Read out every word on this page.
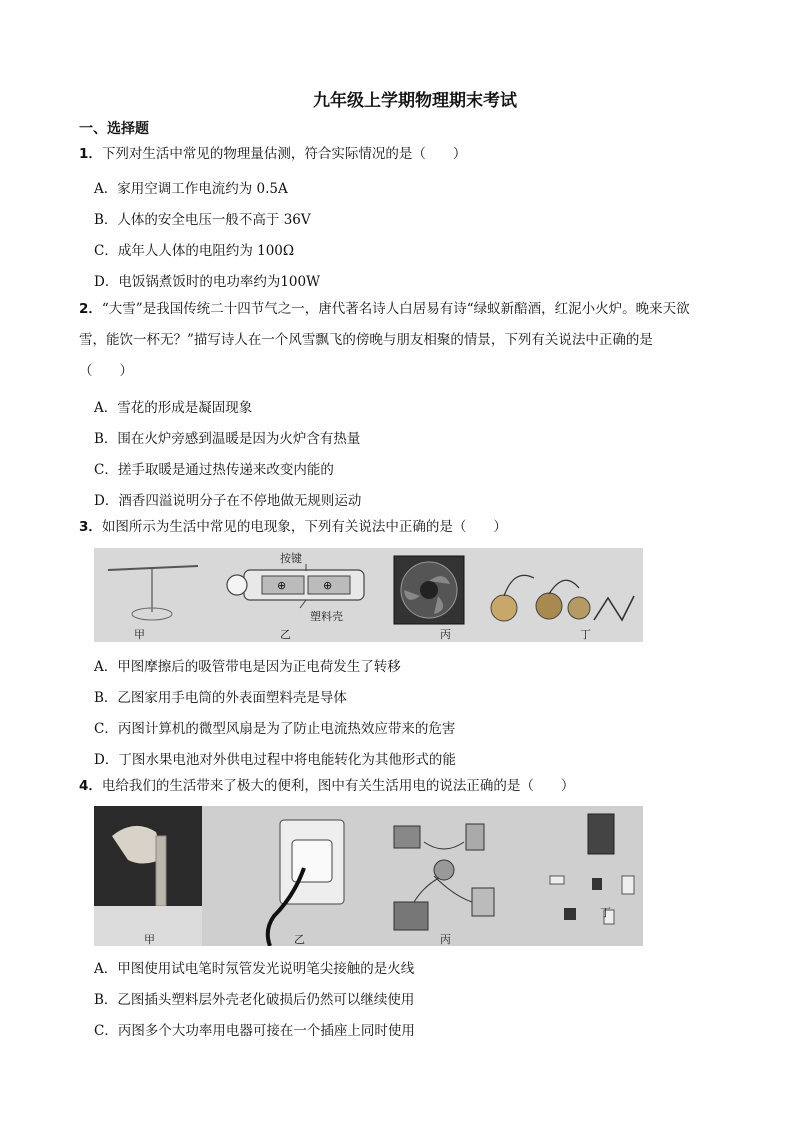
九年级上学期物理期末考试
一、选择题
1．下列对生活中常见的物理量估测，符合实际情况的是（　　）
A．家用空调工作电流约为 0.5A
B．人体的安全电压一般不高于 36V
C．成年人人体的电阻约为 100Ω
D．电饭锅煮饭时的电功率约为100W
2．“大雪”是我国传统二十四节气之一，唐代著名诗人白居易有诗“绿蚁新醅酒，红泥小火炉。晚来天欲
雪，能饮一杯无？”描写诗人在一个风雪飘飞的傍晚与朋友相聚的情景，下列有关说法中正确的是
（　　）
A．雪花的形成是凝固现象
B．围在火炉旁感到温暖是因为火炉含有热量
C．搓手取暖是通过热传递来改变内能的
D．酒香四溢说明分子在不停地做无规则运动
3．如图所示为生活中常见的电现象，下列有关说法中正确的是（　　）
⊕	⊕
按键
塑料壳
甲	乙	丙	丁
A．甲图摩擦后的吸管带电是因为正电荷发生了转移
B．乙图家用手电筒的外表面塑料壳是导体
C．丙图计算机的微型风扇是为了防止电流热效应带来的危害
D．丁图水果电池对外供电过程中将电能转化为其他形式的能
4．电给我们的生活带来了极大的便利，图中有关生活用电的说法正确的是（　　）
甲	乙	丙
丁
A．甲图使用试电笔时氖管发光说明笔尖接触的是火线
B．乙图插头塑料层外壳老化破损后仍然可以继续使用
C．丙图多个大功率用电器可接在一个插座上同时使用
